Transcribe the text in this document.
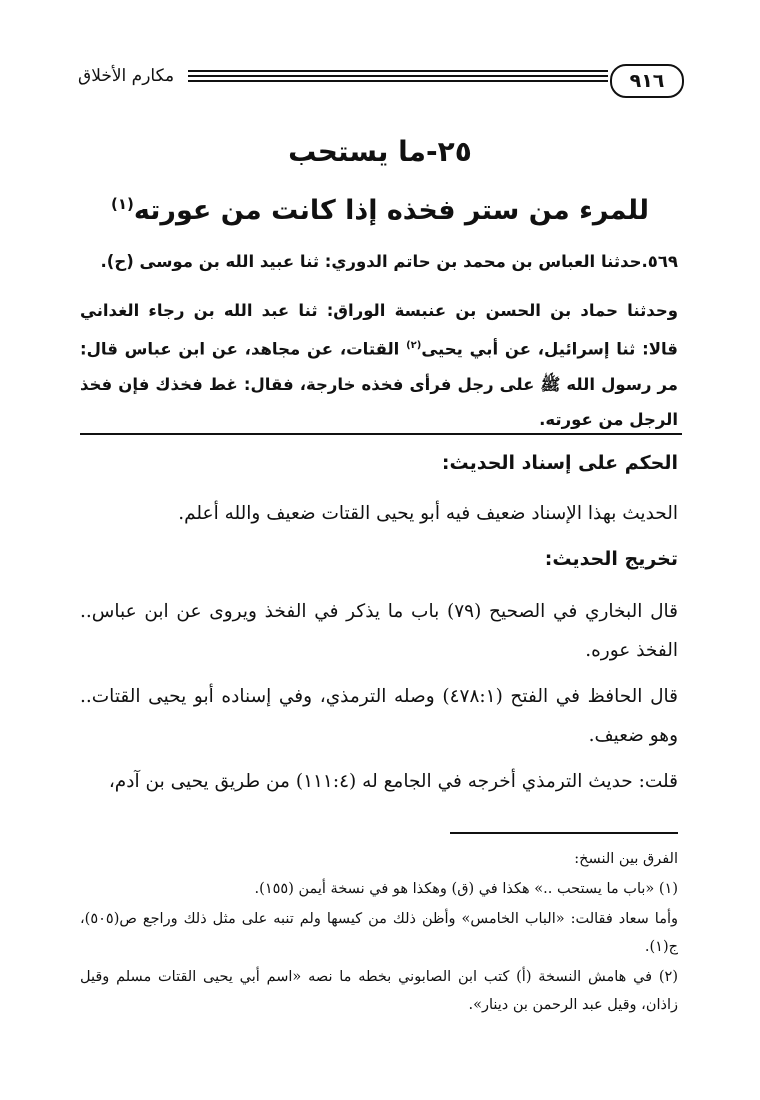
٩١٦
مكارم الأخلاق
٢٥-ما يستحب
للمرء من ستر فخذه إذا كانت من عورته$^{(١)}$

٥٦٩.حدثنا العباس بن محمد بن حاتم الدوري: ثنا عبيد الله بن موسى (ح).

وحدثنا حماد بن الحسن بن عنبسة الوراق: ثنا عبد الله بن رجاء الغداني قالا: ثنا إسرائيل، عن أبي يحيى$^{(٢)}$ القتات، عن مجاهد، عن ابن عباس قال: مر رسول الله ﷺ على رجل فرأى فخذه خارجة، فقال: غط فخذك فإن فخذ الرجل من عورته.

الحكم على إسناد الحديث:

الحديث بهذا الإسناد ضعيف فيه أبو يحيى القتات ضعيف والله أعلم.

تخريج الحديث:

قال البخاري في الصحيح (٧٩) باب ما يذكر في الفخذ ويروى عن ابن عباس.. الفخذ عوره.

قال الحافظ في الفتح (٤٧٨:١) وصله الترمذي، وفي إسناده أبو يحيى القتات.. وهو ضعيف.

قلت: حديث الترمذي أخرجه في الجامع له (١١١:٤) من طريق يحيى بن آدم،

الفرق بين النسخ:

(١) «باب ما يستحب ..» هكذا في (ق) وهكذا هو في نسخة أيمن (١٥٥).

وأما سعاد فقالت: «الباب الخامس» وأظن ذلك من كيسها ولم تنبه على مثل ذلك وراجع ص(٥٠٥)، ج(١).

(٢) في هامش النسخة (أ) كتب ابن الصابوني بخطه ما نصه «اسم أبي يحيى القتات مسلم وقيل زاذان، وقيل عبد الرحمن بن دينار».
